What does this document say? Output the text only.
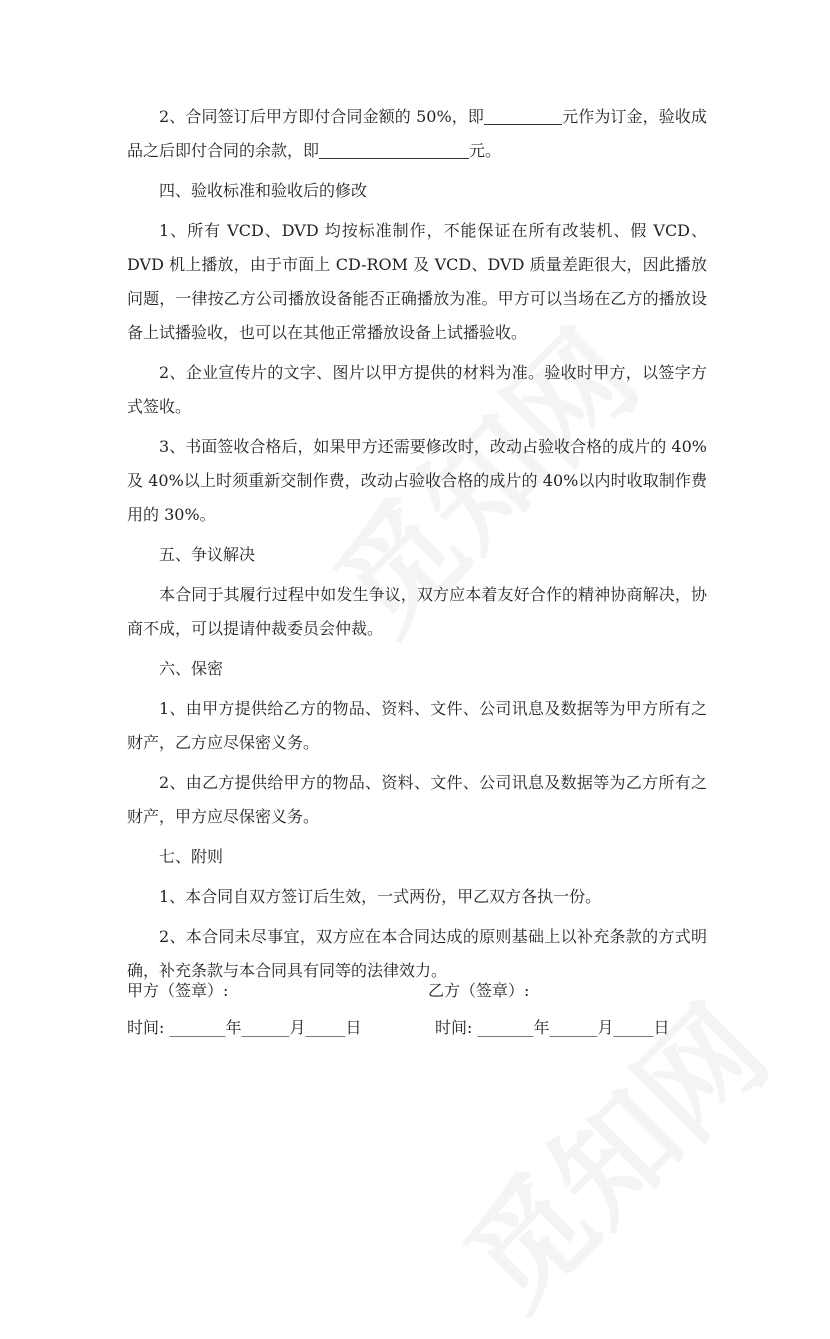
2、合同签订后甲方即付合同金额的 50%，即	元作为订金，验收成品之后即付合同的余款，即	元。

四、验收标准和验收后的修改

1、所有 VCD、DVD 均按标准制作，不能保证在所有改装机、假 VCD、DVD 机上播放，由于市面上 CD-ROM 及 VCD、DVD 质量差距很大，因此播放问题，一律按乙方公司播放设备能否正确播放为准。甲方可以当场在乙方的播放设备上试播验收，也可以在其他正常播放设备上试播验收。

2、企业宣传片的文字、图片以甲方提供的材料为准。验收时甲方，以签字方式签收。

3、书面签收合格后，如果甲方还需要修改时，改动占验收合格的成片的 40%及 40%以上时须重新交制作费，改动占验收合格的成片的 40%以内时收取制作费用的 30%。

五、争议解决

本合同于其履行过程中如发生争议，双方应本着友好合作的精神协商解决，协商不成，可以提请仲裁委员会仲裁。

六、保密

1、由甲方提供给乙方的物品、资料、文件、公司讯息及数据等为甲方所有之财产，乙方应尽保密义务。

2、由乙方提供给甲方的物品、资料、文件、公司讯息及数据等为乙方所有之财产，甲方应尽保密义务。

七、附则

1、本合同自双方签订后生效，一式两份，甲乙双方各执一份。

2、本合同未尽事宜，双方应在本合同达成的原则基础上以补充条款的方式明确，补充条款与本合同具有同等的法律效力。

甲方（签章）:	乙方（签章）:
时间: _______年______月_____日	时间: _______年______月_____日
